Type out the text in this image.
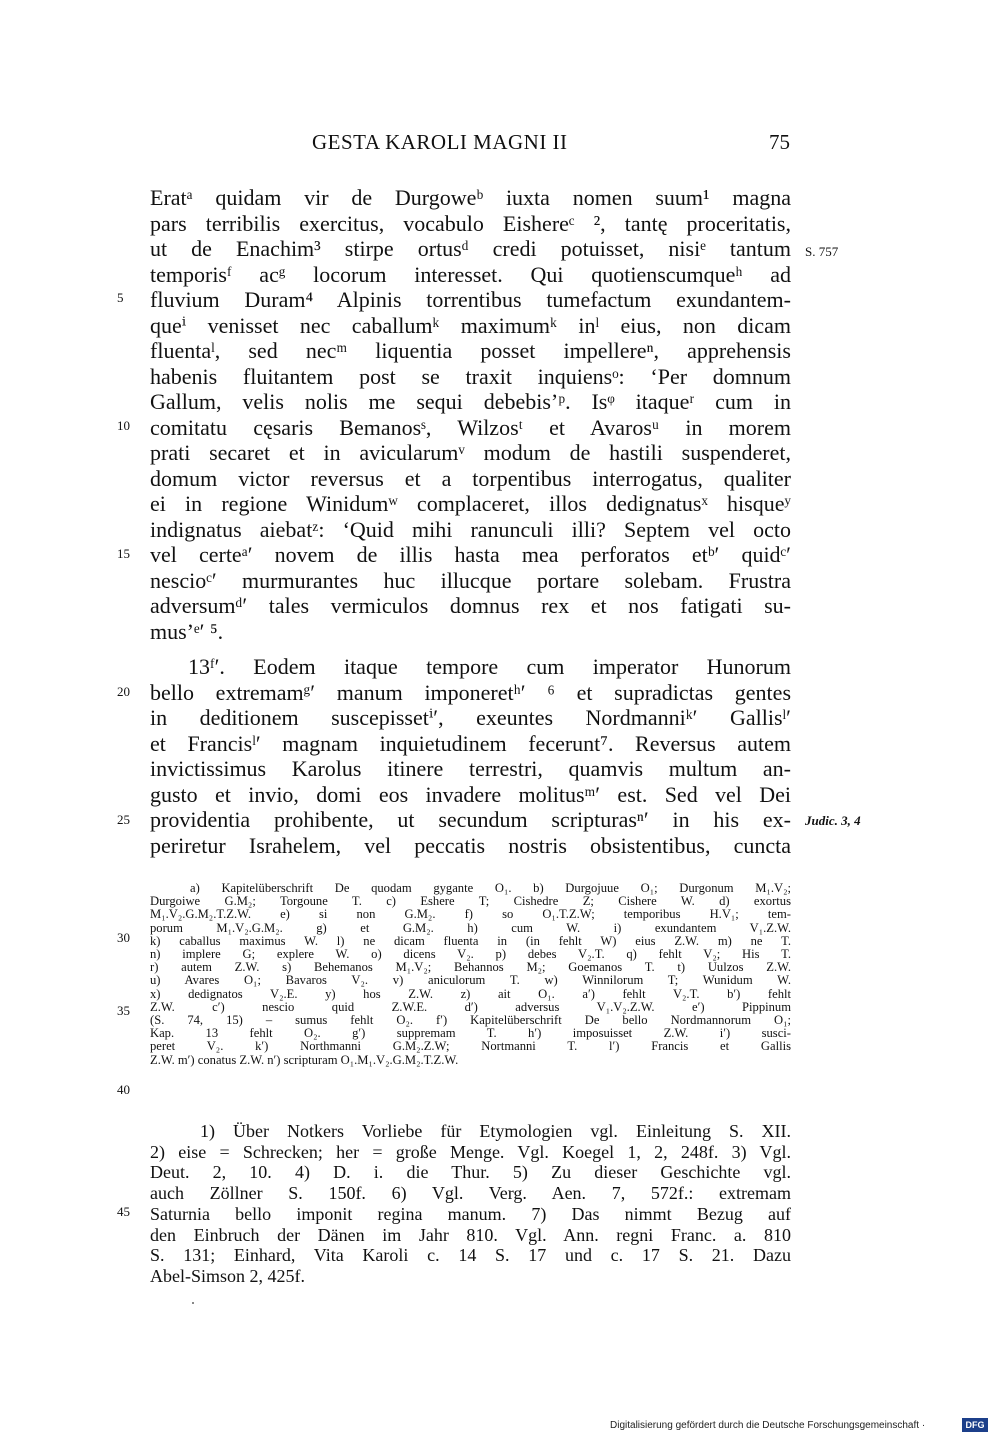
GESTA KAROLI MAGNI II	75
Eratᵃ quidam vir de Durgoweᵇ iuxta nomen suum¹ magna
pars terribilis exercitus, vocabulo Eishereᶜ ², tantę proceritatis,
ut de Enachim³ stirpe ortusᵈ credi potuisset, nisiᵉ tantum
temporisᶠ acᵍ locorum interesset. Qui quotienscumqueʰ ad
fluvium Duram⁴ Alpinis torrentibus tumefactum exundantem-
queⁱ venisset nec caballumᵏ maximumᵏ inˡ eius, non dicam
fluentaˡ, sed necᵐ liquentia posset impellereⁿ, apprehensis
habenis fluitantem post se traxit inquiensᵒ: ‘Per domnum
Gallum, velis nolis me sequi debebis’ᵖ. Isᵠ itaqueʳ cum in
comitatu cęsaris Bemanosˢ, Wilzosᵗ et Avarosᵘ in morem
prati secaret et in avicularumᵛ modum de hastili suspenderet,
domum victor reversus et a torpentibus interrogatus, qualiter
ei in regione Winidumʷ complaceret, illos dedignatusˣ hisqueʸ
indignatus aiebatᶻ: ‘Quid mihi ranunculi illi? Septem vel octo
vel certeᵃ′ novem de illis hasta mea perforatos etᵇ′ quidᶜ′
nescioᶜ′ murmurantes huc illucque portare solebam. Frustra
adversumᵈ′ tales vermiculos domnus rex et nos fatigati su-
mus’ᵉ′ ⁵.
13ᶠ′. Eodem itaque tempore cum imperator Hunorum
bello extremamᵍ′ manum imponeretʰ′ ⁶ et supradictas gentes
in deditionem suscepissetⁱ′, exeuntes Nordmanniᵏ′ Gallisˡ′
et Francisˡ′ magnam inquietudinem fecerunt⁷. Reversus autem
invictissimus Karolus itinere terrestri, quamvis multum an-
gusto et invio, domi eos invadere molitusᵐ′ est. Sed vel Dei
providentia prohibente, ut secundum scripturasⁿ′ in his ex-
periretur Israhelem, vel peccatis nostris obsistentibus, cuncta
5
10
15
20
25
30
35
40
45
S. 757
Judic. 3, 4
a) Kapitelüberschrift De quodam gygante O₁. b) Durgojuue O₁; Durgonum M₁.V₂;
Durgoiwe G.M₂; Torgoune T. c) Eshere T; Cishedre Z; Cishere W. d) exortus
M₁.V₂.G.M₂.T.Z.W. e) si non G.M₂. f) so O₁.T.Z.W; temporibus H.V₁; tem-
porum M₁.V₂.G.M₂. g) et G.M₂. h) cum W. i) exundantem V₁.Z.W.
k) caballus maximus W. l) ne dicam fluenta in (in fehlt W) eius Z.W. m) ne T.
n) implere G; explere W. o) dicens V₂. p) debes V₂.T. q) fehlt V₂; His T.
r) autem Z.W. s) Behemanos M₁.V₂; Behannos M₂; Goemanos T. t) Uulzos Z.W.
u) Avares O₁; Bavaros V₂. v) aniculorum T. w) Winnilorum T; Wunidum W.
x) dedignatos V₂.E. y) hos Z.W. z) ait O₁. a′) fehlt V₂.T. b′) fehlt
Z.W. c′) nescio quid Z.W.E. d′) adversus V₁.V₂.Z.W. e′) Pippinum
(S. 74, 15) – sumus fehlt O₂. f′) Kapitelüberschrift De bello Nordmannorum O₁;
Kap. 13 fehlt O₂. g′) suppremam T. h′) imposuisset Z.W. i′) susci-
peret V₂. k′) Northmanni G.M₂.Z.W; Nortmanni T. l′) Francis et Gallis
Z.W. m′) conatus Z.W. n′) scripturam O₁.M₁.V₂.G.M₂.T.Z.W.
1) Über Notkers Vorliebe für Etymologien vgl. Einleitung S. XII.
2) eise = Schrecken; her = große Menge. Vgl. Koegel 1, 2, 248f. 3) Vgl.
Deut. 2, 10. 4) D. i. die Thur. 5) Zu dieser Geschichte vgl.
auch Zöllner S. 150f. 6) Vgl. Verg. Aen. 7, 572f.: extremam
Saturnia bello imponit regina manum. 7) Das nimmt Bezug auf
den Einbruch der Dänen im Jahr 810. Vgl. Ann. regni Franc. a. 810
S. 131; Einhard, Vita Karoli c. 14 S. 17 und c. 17 S. 21. Dazu
Abel-Simson 2, 425f.
Digitalisierung gefördert durch die Deutsche Forschungsgemeinschaft ·	DFG
